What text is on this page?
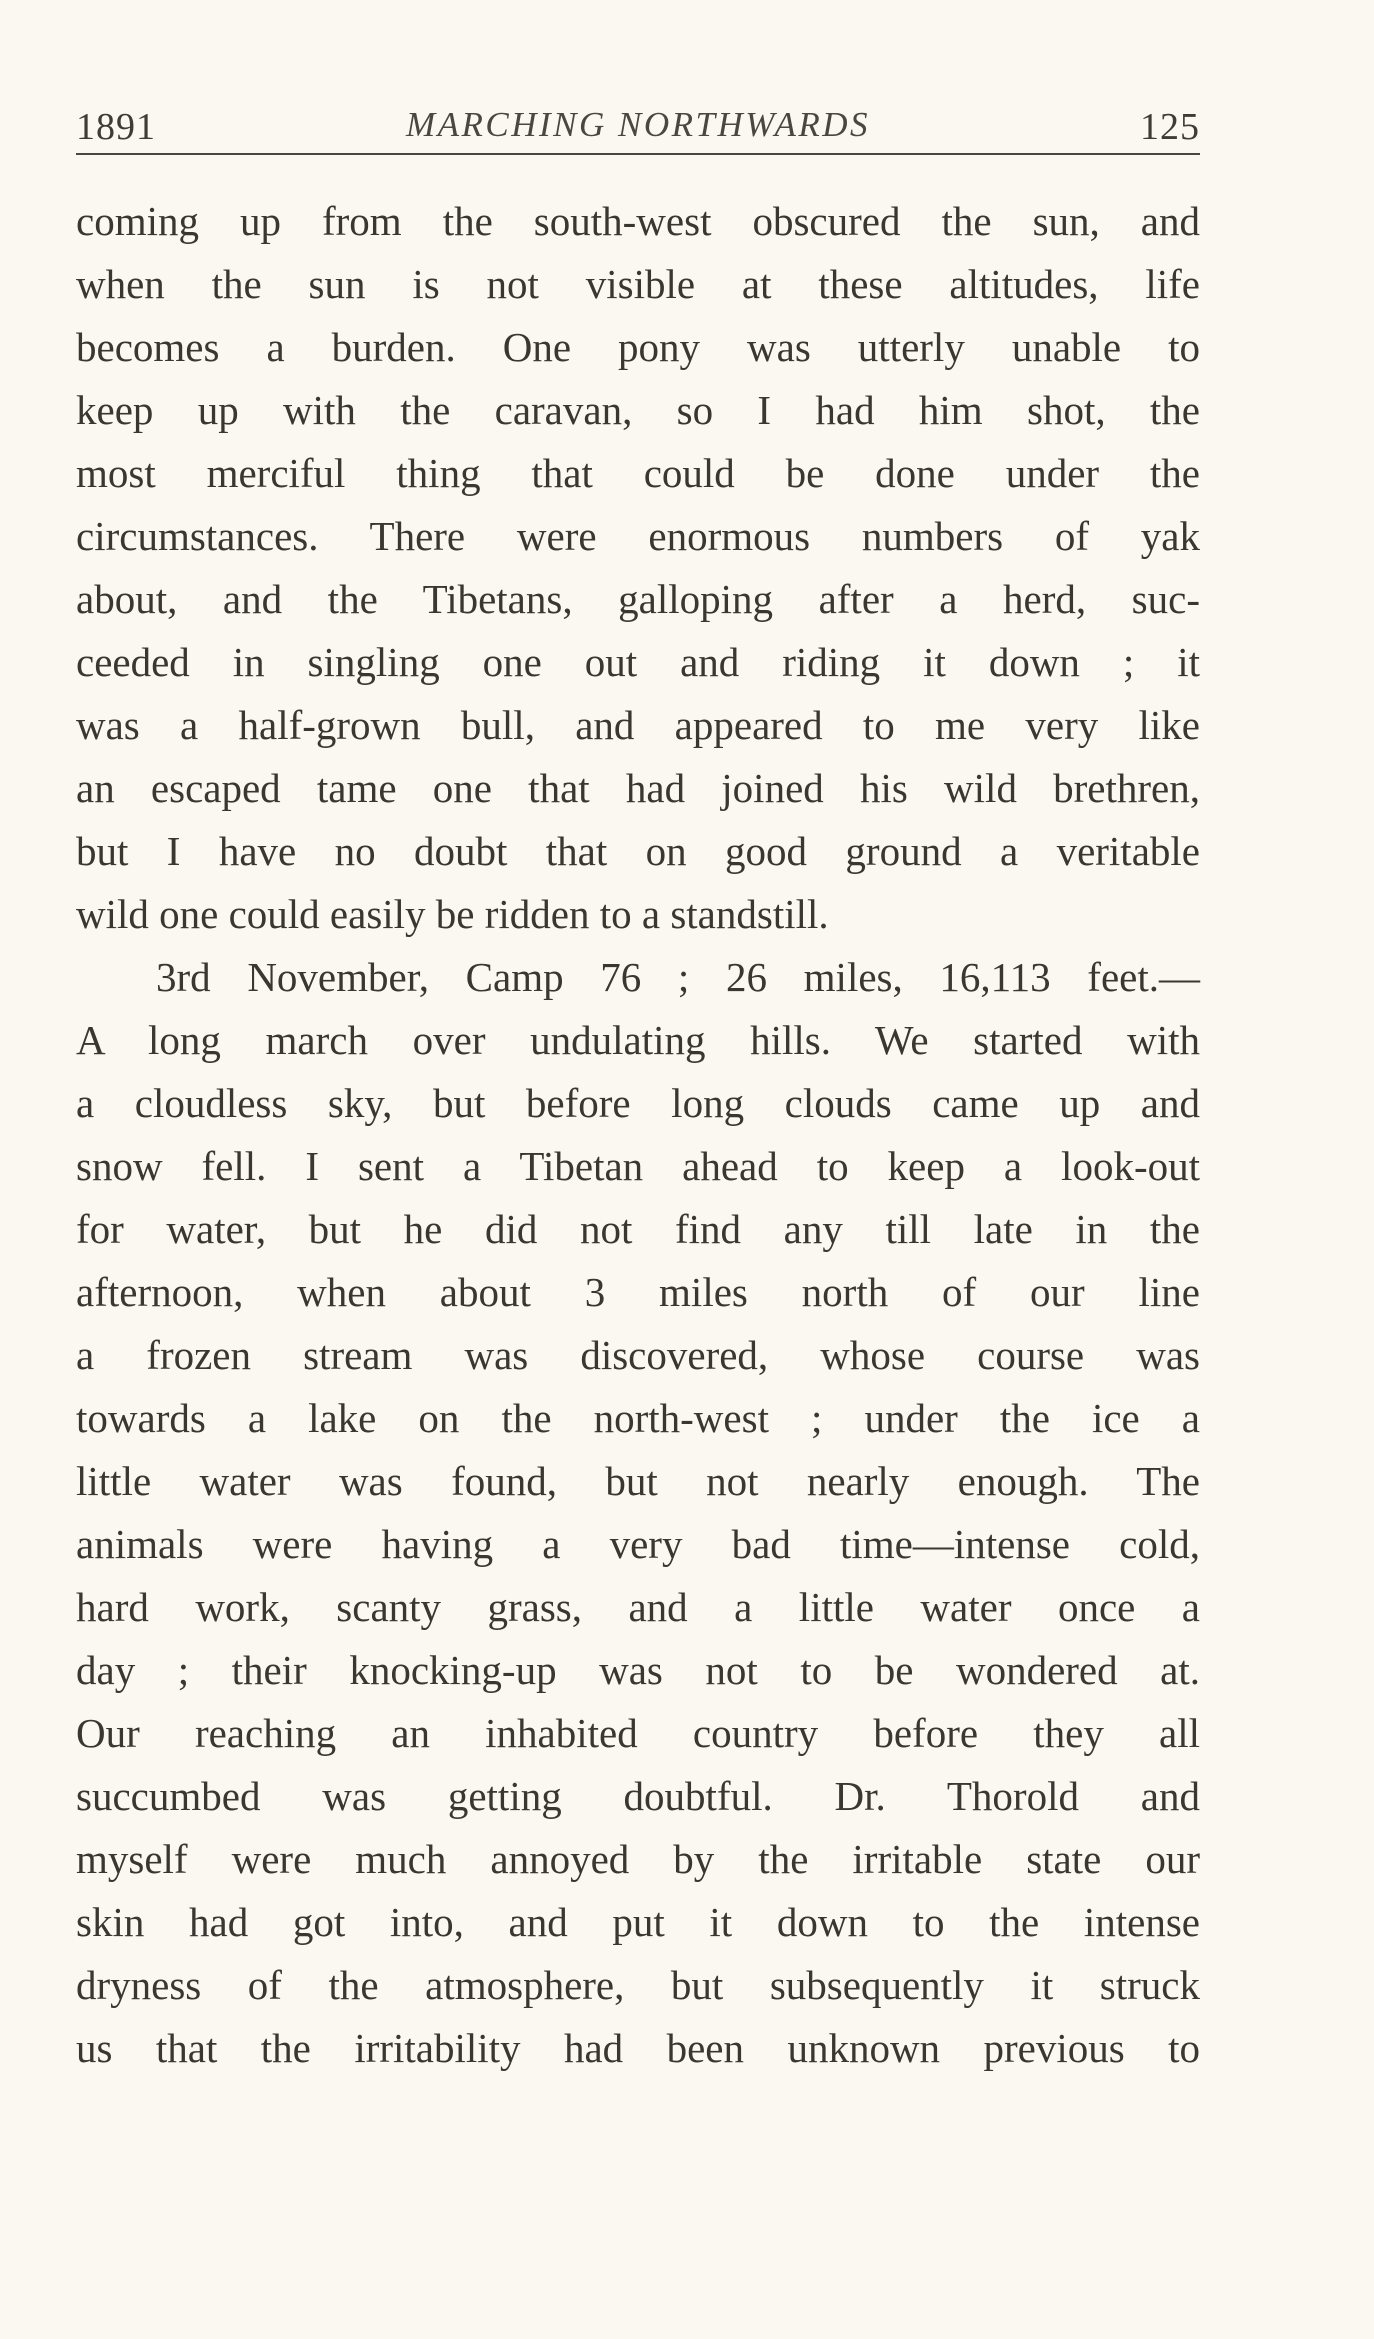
1891	MARCHING NORTHWARDS	125
coming up from the south-west obscured the sun, and
when the sun is not visible at these altitudes, life
becomes a burden. One pony was utterly unable to
keep up with the caravan, so I had him shot, the
most merciful thing that could be done under the
circumstances. There were enormous numbers of yak
about, and the Tibetans, galloping after a herd, suc-
ceeded in singling one out and riding it down ; it
was a half-grown bull, and appeared to me very like
an escaped tame one that had joined his wild brethren,
but I have no doubt that on good ground a veritable
wild one could easily be ridden to a standstill.
3rd November, Camp 76 ; 26 miles, 16,113 feet.—
A long march over undulating hills. We started with
a cloudless sky, but before long clouds came up and
snow fell. I sent a Tibetan ahead to keep a look-out
for water, but he did not find any till late in the
afternoon, when about 3 miles north of our line
a frozen stream was discovered, whose course was
towards a lake on the north-west ; under the ice a
little water was found, but not nearly enough. The
animals were having a very bad time—intense cold,
hard work, scanty grass, and a little water once a
day ; their knocking-up was not to be wondered at.
Our reaching an inhabited country before they all
succumbed was getting doubtful. Dr. Thorold and
myself were much annoyed by the irritable state our
skin had got into, and put it down to the intense
dryness of the atmosphere, but subsequently it struck
us that the irritability had been unknown previous to
